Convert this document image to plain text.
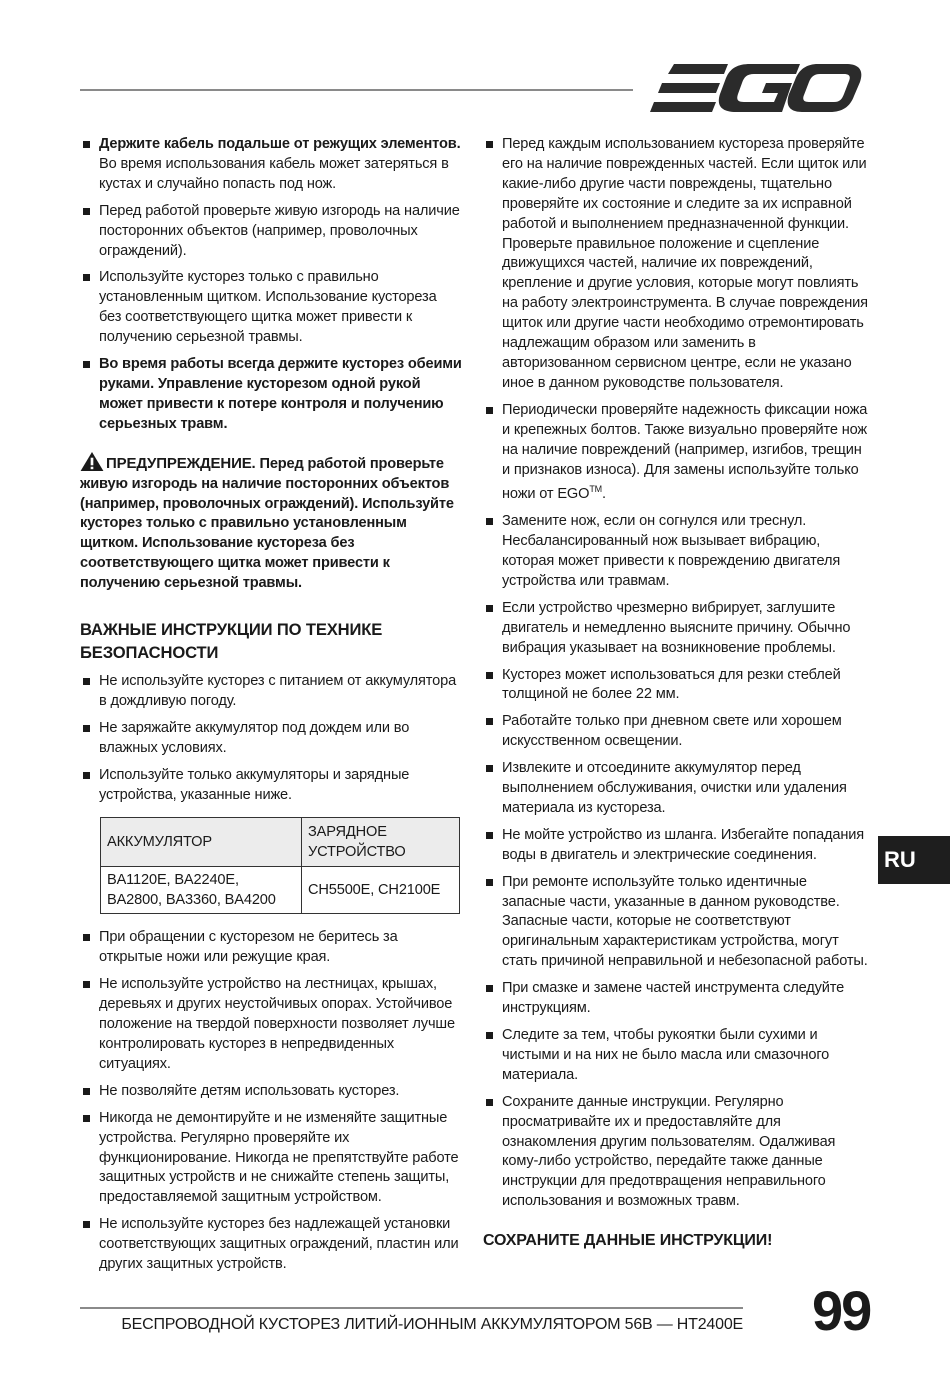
Держите кабель подальше от режущих элементов. Во время использования кабель может затеряться в кустах и случайно попасть под нож.
Перед работой проверьте живую изгородь на наличие посторонних объектов (например, проволочных ограждений).
Используйте кусторез только с правильно установленным щитком. Использование кустореза без соответствующего щитка может привести к получению серьезной травмы.
Во время работы всегда держите кусторез обеими руками. Управление кусторезом одной рукой может привести к потере контроля и получению серьезных травм.
ПРЕДУПРЕЖДЕНИЕ. Перед работой проверьте живую изгородь на наличие посторонних объектов (например, проволочных ограждений). Используйте кусторез только с правильно установленным щитком. Использование кустореза без соответствующего щитка может привести к получению серьезной травмы.
ВАЖНЫЕ ИНСТРУКЦИИ ПО ТЕХНИКЕ БЕЗОПАСНОСТИ
Не используйте кусторез с питанием от аккумулятора в дождливую погоду.
Не заряжайте аккумулятор под дождем или во влажных условиях.
Используйте только аккумуляторы и зарядные устройства, указанные ниже.
АККУМУЛЯТОР	ЗАРЯДНОЕ УСТРОЙСТВО
BA1120E, BA2240E, BA2800, BA3360, BA4200	CH5500E, CH2100E
При обращении с кусторезом не беритесь за открытые ножи или режущие края.
Не используйте устройство на лестницах, крышах, деревьях и других неустойчивых опорах. Устойчивое положение на твердой поверхности позволяет лучше контролировать кусторез в непредвиденных ситуациях.
Не позволяйте детям использовать кусторез.
Никогда не демонтируйте и не изменяйте защитные устройства. Регулярно проверяйте их функционирование. Никогда не препятствуйте работе защитных устройств и не снижайте степень защиты, предоставляемой защитным устройством.
Не используйте кусторез без надлежащей установки соответствующих защитных ограждений, пластин или других защитных устройств.
Перед каждым использованием кустореза проверяйте его на наличие поврежденных частей. Если щиток или какие-либо другие части повреждены, тщательно проверяйте их состояние и следите за их исправной работой и выполнением предназначенной функции. Проверьте правильное положение и сцепление движущихся частей, наличие их повреждений, крепление и другие условия, которые могут повлиять на работу электроинструмента. В случае повреждения щиток или другие части необходимо отремонтировать надлежащим образом или заменить в авторизованном сервисном центре, если не указано иное в данном руководстве пользователя.
Периодически проверяйте надежность фиксации ножа и крепежных болтов. Также визуально проверяйте нож на наличие повреждений (например, изгибов, трещин и признаков износа). Для замены используйте только ножи от EGO™.
Замените нож, если он согнулся или треснул. Несбалансированный нож вызывает вибрацию, которая может привести к повреждению двигателя устройства или травмам.
Если устройство чрезмерно вибрирует, заглушите двигатель и немедленно выясните причину. Обычно вибрация указывает на возникновение проблемы.
Кусторез может использоваться для резки стеблей толщиной не более 22 мм.
Работайте только при дневном свете или хорошем искусственном освещении.
Извлеките и отсоедините аккумулятор перед выполнением обслуживания, очистки или удаления материала из кустореза.
Не мойте устройство из шланга. Избегайте попадания воды в двигатель и электрические соединения.
При ремонте используйте только идентичные запасные части, указанные в данном руководстве. Запасные части, которые не соответствуют оригинальным характеристикам устройства, могут стать причиной неправильной и небезопасной работы.
При смазке и замене частей инструмента следуйте инструкциям.
Следите за тем, чтобы рукоятки были сухими и чистыми и на них не было масла или смазочного материала.
Сохраните данные инструкции. Регулярно просматривайте их и предоставляйте для ознакомления другим пользователям. Одалживая кому-либо устройство, передайте также данные инструкции для предотвращения неправильного использования и возможных травм.
СОХРАНИТЕ ДАННЫЕ ИНСТРУКЦИИ!
RU
БЕСПРОВОДНОЙ КУСТОРЕЗ ЛИТИЙ-ИОННЫМ АККУМУЛЯТОРОМ 56В — HT2400E 99
